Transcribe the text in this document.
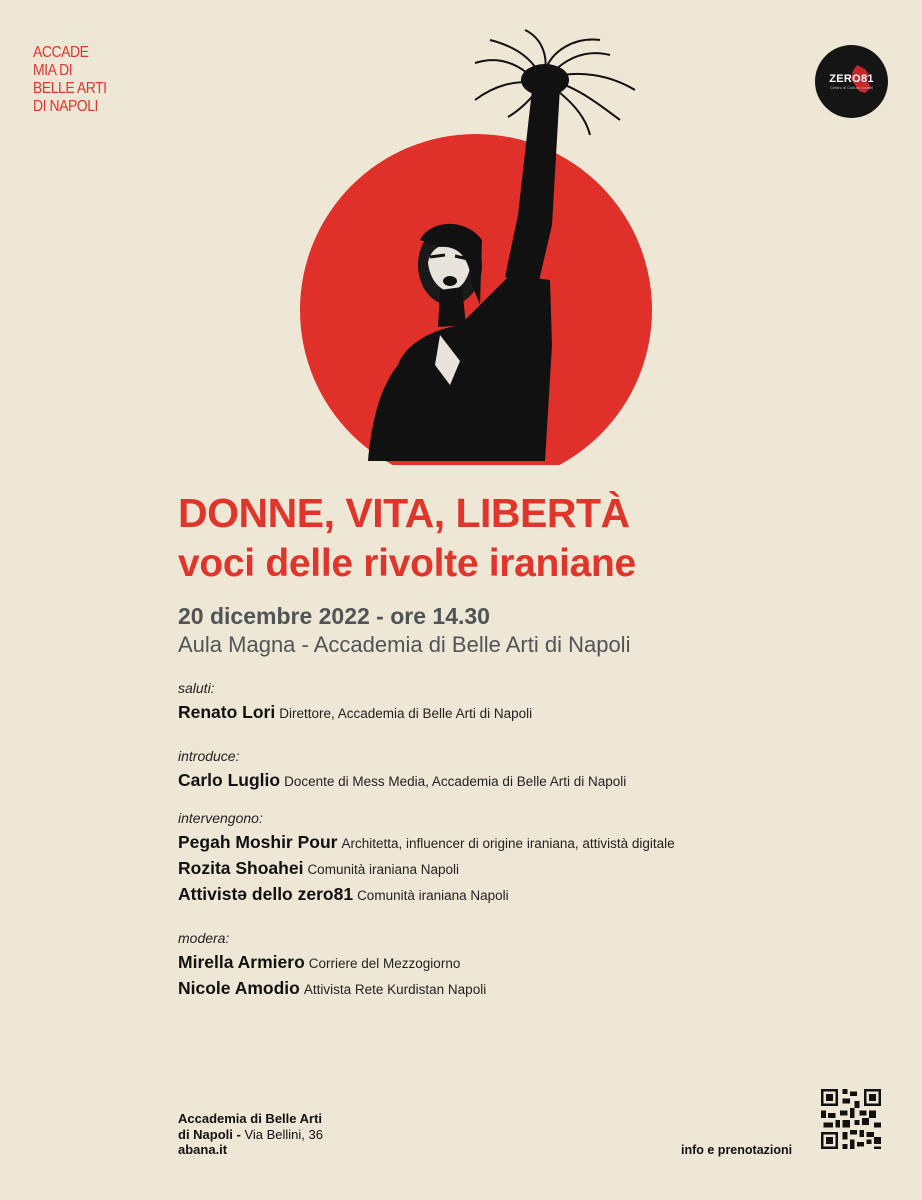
ACCADE
MIA DI
BELLE ARTI
DI NAPOLI
ZERO81
Centro di Culture Urbani
DONNE, VITA, LIBERTÀ
voci delle rivolte iraniane
20 dicembre 2022 - ore 14.30
Aula Magna - Accademia di Belle Arti di Napoli
saluti:
Renato Lori Direttore, Accademia di Belle Arti di Napoli
introduce:
Carlo Luglio Docente di Mess Media, Accademia di Belle Arti di Napoli
intervengono:
Pegah Moshir Pour Architetta, influencer di origine iraniana, attivistà digitale
Rozita Shoahei Comunità iraniana Napoli
Attivistə dello zero81 Comunità iraniana Napoli
modera:
Mirella Armiero Corriere del Mezzogiorno
Nicole Amodio Attivista Rete Kurdistan Napoli
Accademia di Belle Arti
di Napoli - Via Bellini, 36
abana.it	info e prenotazioni
